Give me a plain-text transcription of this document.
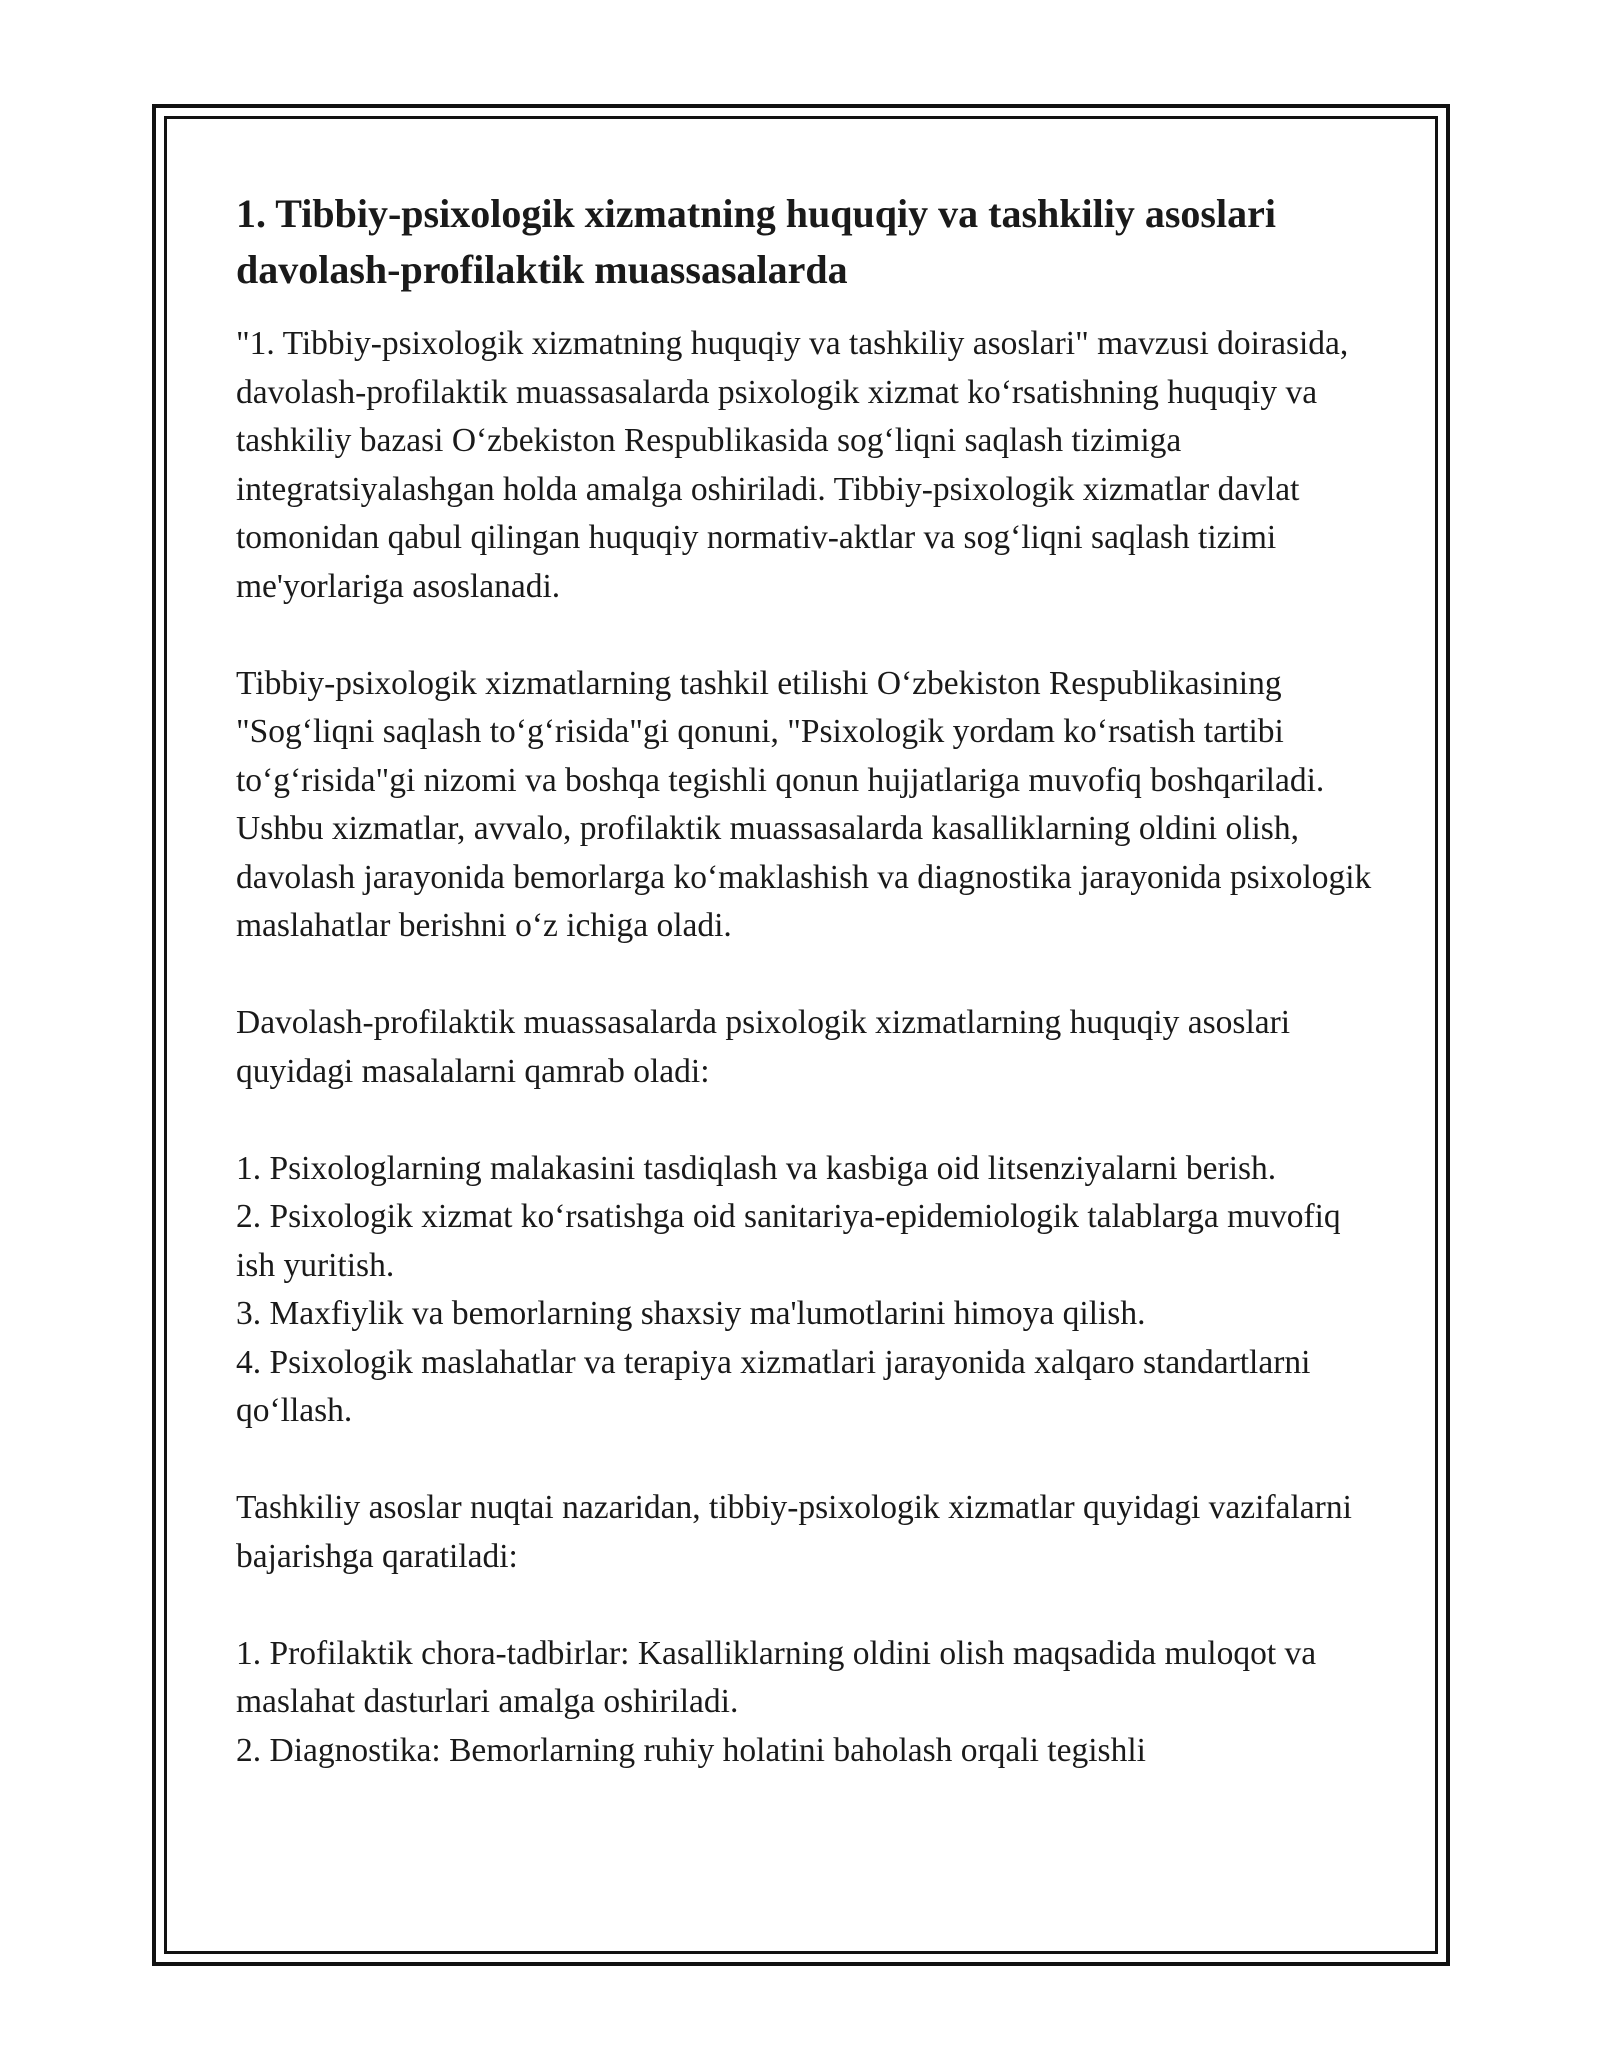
1. Tibbiy-psixologik xizmatning huquqiy va tashkiliy asoslari
davolash-profilaktik muassasalarda

"1. Tibbiy-psixologik xizmatning huquqiy va tashkiliy asoslari" mavzusi doirasida, davolash-profilaktik muassasalarda psixologik xizmat ko‘rsatishning huquqiy va tashkiliy bazasi O‘zbekiston Respublikasida sog‘liqni saqlash tizimiga integratsiyalashgan holda amalga oshiriladi. Tibbiy-psixologik xizmatlar davlat tomonidan qabul qilingan huquqiy normativ-aktlar va sog‘liqni saqlash tizimi me'yorlariga asoslanadi.

Tibbiy-psixologik xizmatlarning tashkil etilishi O‘zbekiston Respublikasining "Sog‘liqni saqlash to‘g‘risida"gi qonuni, "Psixologik yordam ko‘rsatish tartibi to‘g‘risida"gi nizomi va boshqa tegishli qonun hujjatlariga muvofiq boshqariladi. Ushbu xizmatlar, avvalo, profilaktik muassasalarda kasalliklarning oldini olish, davolash jarayonida bemorlarga ko‘maklashish va diagnostika jarayonida psixologik maslahatlar berishni o‘z ichiga oladi.

Davolash-profilaktik muassasalarda psixologik xizmatlarning huquqiy asoslari quyidagi masalalarni qamrab oladi:

1. Psixologlarning malakasini tasdiqlash va kasbiga oid litsenziyalarni berish.
2. Psixologik xizmat ko‘rsatishga oid sanitariya-epidemiologik talablarga muvofiq ish yuritish.
3. Maxfiylik va bemorlarning shaxsiy ma'lumotlarini himoya qilish.
4. Psixologik maslahatlar va terapiya xizmatlari jarayonida xalqaro standartlarni qo‘llash.

Tashkiliy asoslar nuqtai nazaridan, tibbiy-psixologik xizmatlar quyidagi vazifalarni bajarishga qaratiladi:

1. Profilaktik chora-tadbirlar: Kasalliklarning oldini olish maqsadida muloqot va maslahat dasturlari amalga oshiriladi.
2. Diagnostika: Bemorlarning ruhiy holatini baholash orqali tegishli
